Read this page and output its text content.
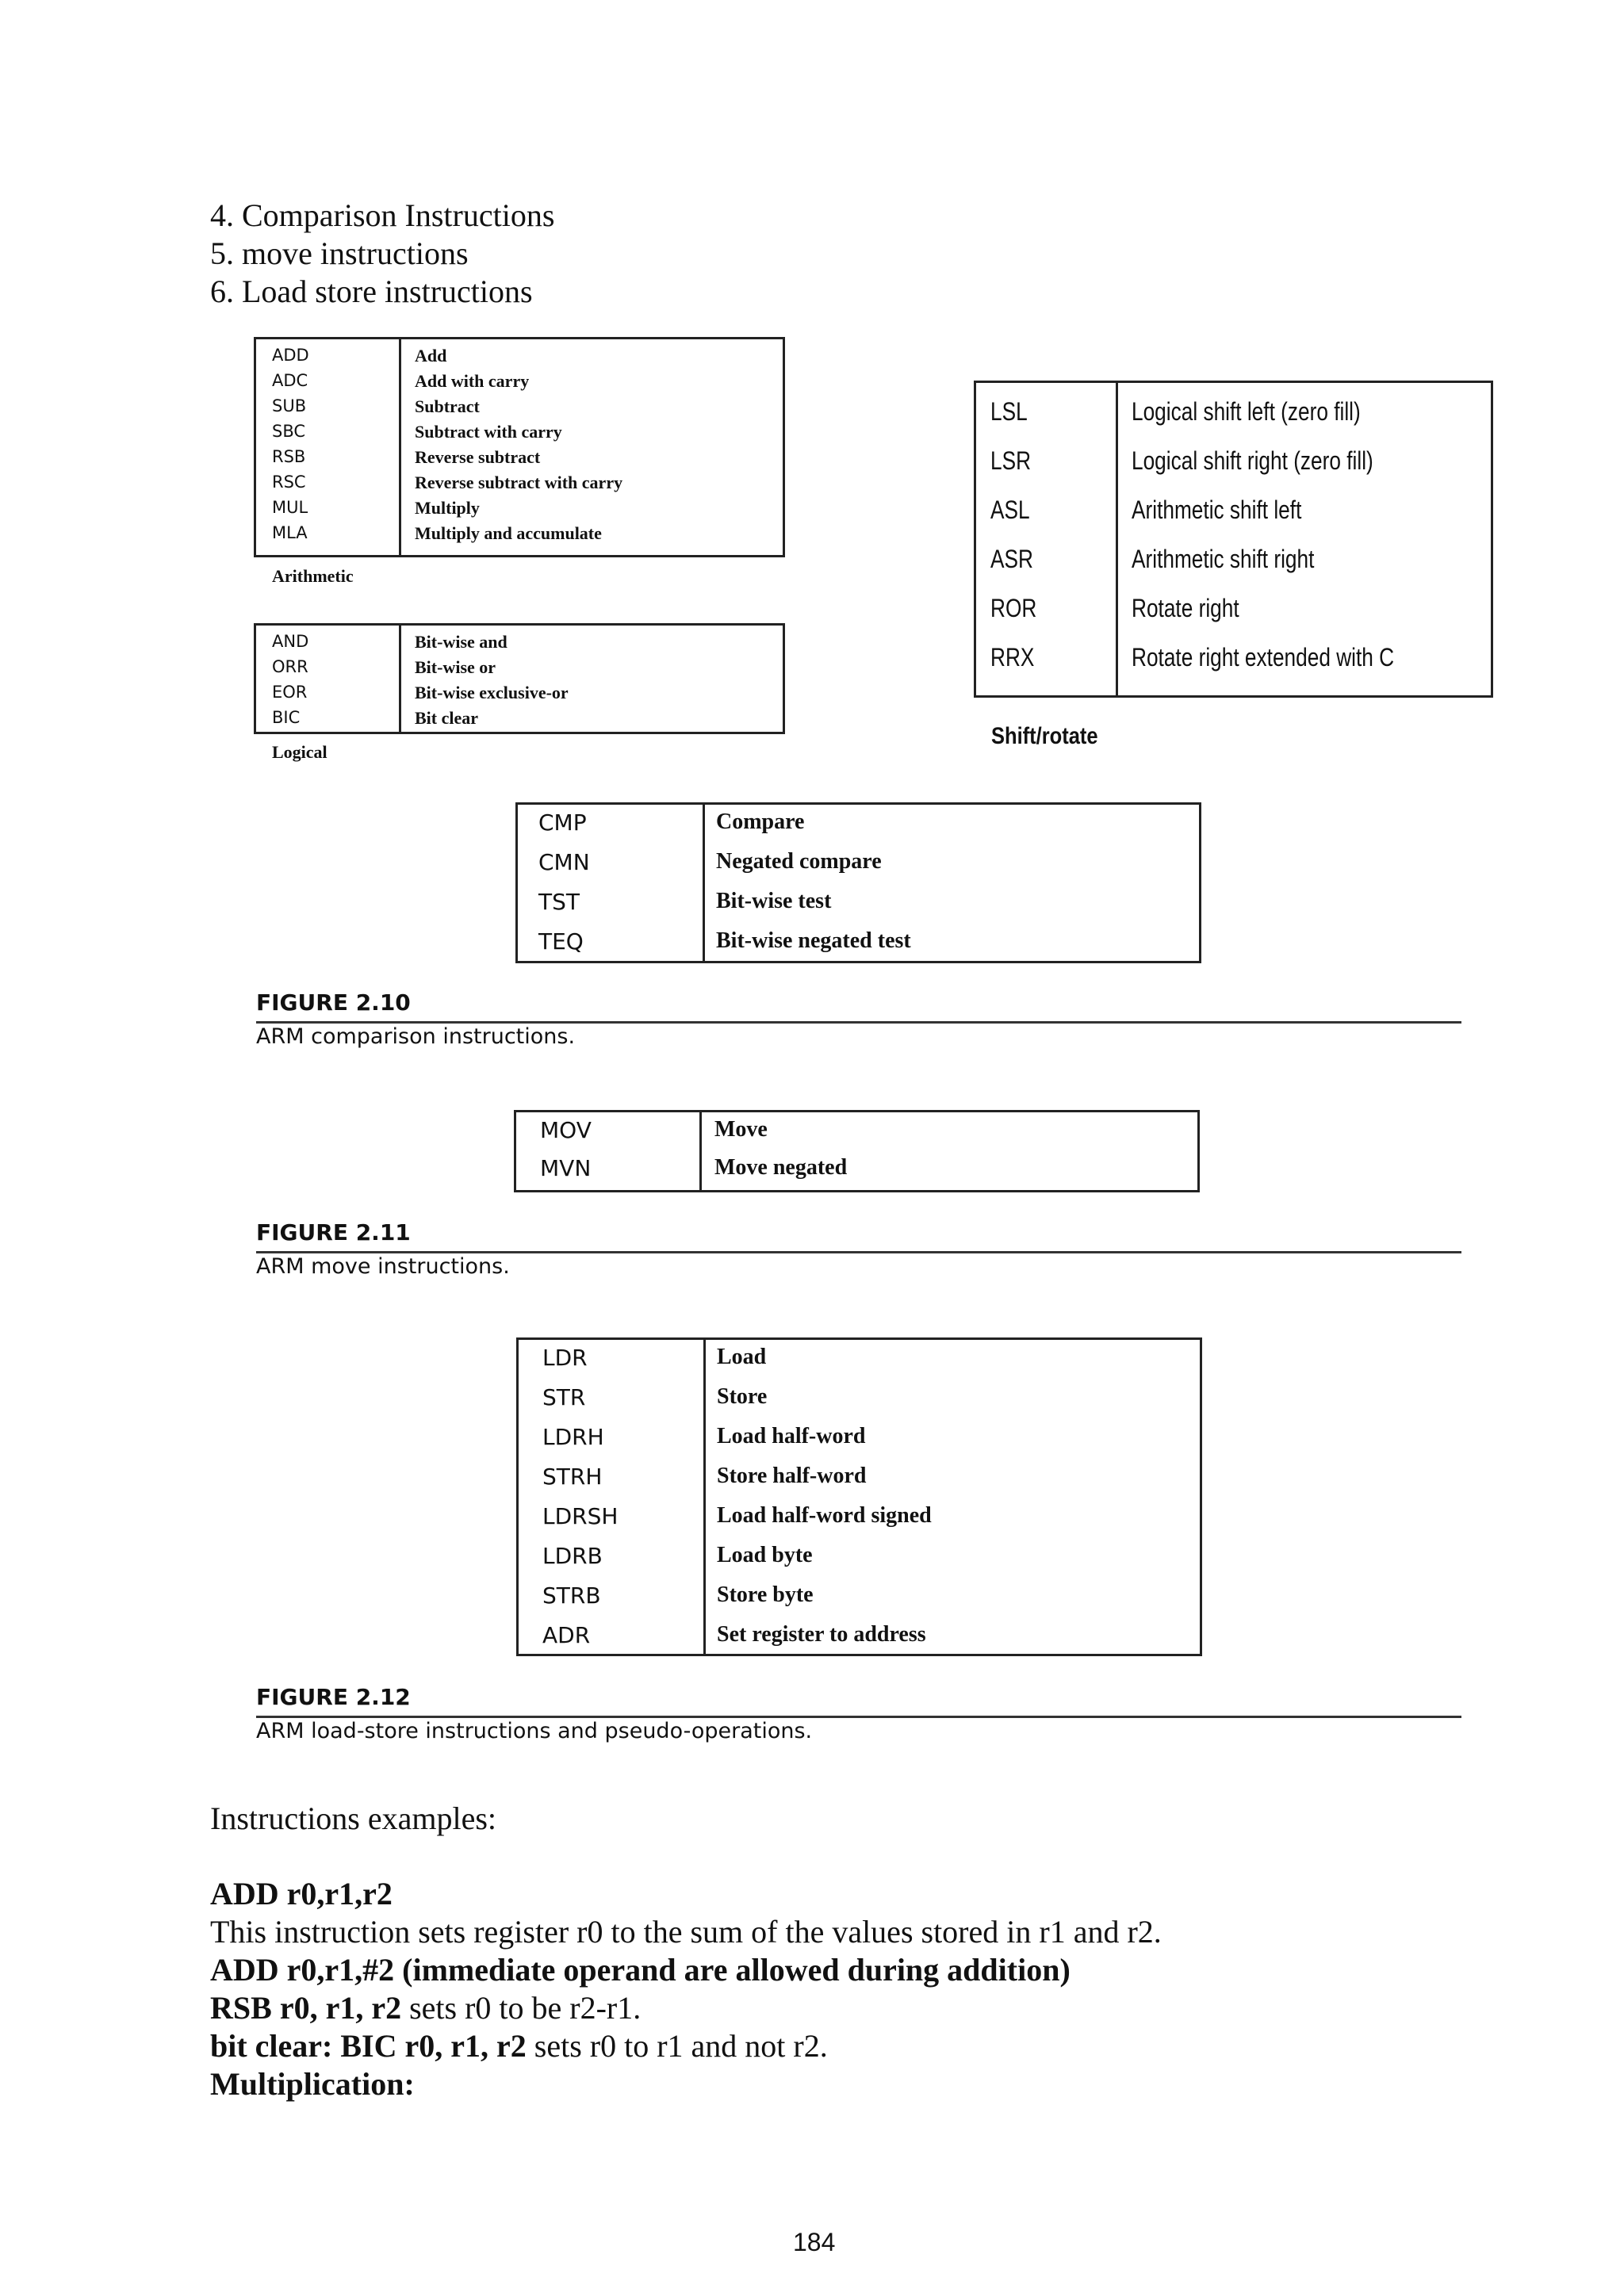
4. Comparison Instructions
5. move instructions
6. Load store instructions
ADD	Add
ADC	Add with carry
SUB	Subtract
SBC	Subtract with carry
RSB	Reverse subtract
RSC	Reverse subtract with carry
MUL	Multiply
MLA	Multiply and accumulate
Arithmetic
AND	Bit-wise and
ORR	Bit-wise or
EOR	Bit-wise exclusive-or
BIC	Bit clear
Logical
LSL	Logical shift left (zero fill)
LSR	Logical shift right (zero fill)
ASL	Arithmetic shift left
ASR	Arithmetic shift right
ROR	Rotate right
RRX	Rotate right extended with C
Shift/rotate
CMP	Compare
CMN	Negated compare
TST	Bit-wise test
TEQ	Bit-wise negated test
FIGURE 2.10
ARM comparison instructions.
MOV	Move
MVN	Move negated
FIGURE 2.11
ARM move instructions.
LDR	Load
STR	Store
LDRH	Load half-word
STRH	Store half-word
LDRSH	Load half-word signed
LDRB	Load byte
STRB	Store byte
ADR	Set register to address
FIGURE 2.12
ARM load-store instructions and pseudo-operations.
Instructions examples:
ADD r0,r1,r2
This instruction sets register r0 to the sum of the values stored in r1 and r2.
ADD r0,r1,#2 (immediate operand are allowed during addition)
RSB r0, r1, r2 sets r0 to be r2-r1.
bit clear: BIC r0, r1, r2 sets r0 to r1 and not r2.
Multiplication:
184
